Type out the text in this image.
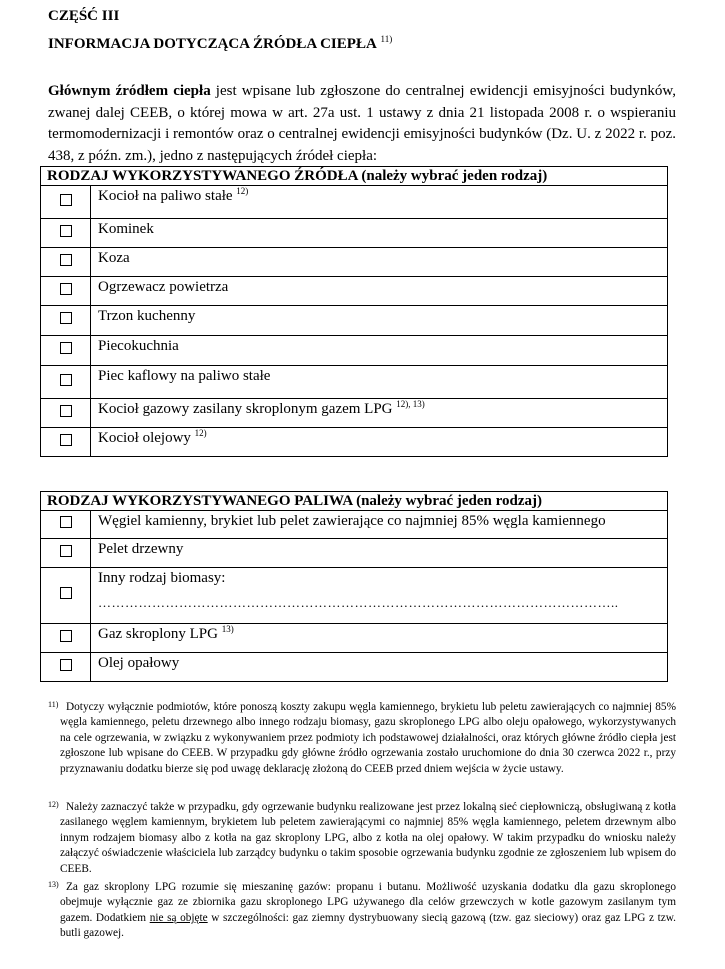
CZĘŚĆ III
INFORMACJA DOTYCZĄCA ŹRÓDŁA CIEPŁA $^{11)}$
Głównym źródłem ciepła jest wpisane lub zgłoszone do centralnej ewidencji emisyjności budynków, zwanej dalej CEEB, o której mowa w art. 27a ust. 1 ustawy z dnia 21 listopada 2008 r. o wspieraniu termomodernizacji i remontów oraz o centralnej ewidencji emisyjności budynków (Dz. U. z 2022 r. poz. 438, z późn. zm.), jedno z następujących źródeł ciepła:
RODZAJ WYKORZYSTYWANEGO ŹRÓDŁA (należy wybrać jeden rodzaj)	
	Kocioł na paliwo stałe $^{12)}$
	Kominek
	Koza
	Ogrzewacz powietrza
	Trzon kuchenny
	Piecokuchnia
	Piec kaflowy na paliwo stałe
	Kocioł gazowy zasilany skroplonym gazem LPG $^{12), 13)}$
	Kocioł olejowy $^{12)}$
RODZAJ WYKORZYSTYWANEGO PALIWA (należy wybrać jeden rodzaj)	
	Węgiel kamienny, brykiet lub pelet zawierające co najmniej 85% węgla kamiennego
	Pelet drzewny
	Inny rodzaj biomasy:
……………………………………………………………………………………………………..

	Gaz skroplony LPG $^{13)}$
	Olej opałowy
11) Dotyczy wyłącznie podmiotów, które ponoszą koszty zakupu węgla kamiennego, brykietu lub peletu zawierających co najmniej 85% węgla kamiennego, peletu drzewnego albo innego rodzaju biomasy, gazu skroplonego LPG albo oleju opałowego, wykorzystywanych na cele ogrzewania, w związku z wykonywaniem przez podmioty ich podstawowej działalności, oraz których główne źródło ciepła jest zgłoszone lub wpisane do CEEB. W przypadku gdy główne źródło ogrzewania zostało uruchomione do dnia 30 czerwca 2022 r., przy przyznawaniu dodatku bierze się pod uwagę deklarację złożoną do CEEB przed dniem wejścia w życie ustawy.
12) Należy zaznaczyć także w przypadku, gdy ogrzewanie budynku realizowane jest przez lokalną sieć ciepłowniczą, obsługiwaną z kotła zasilanego węglem kamiennym, brykietem lub peletem zawierającymi co najmniej 85% węgla kamiennego, peletem drzewnym albo innym rodzajem biomasy albo z kotła na gaz skroplony LPG, albo z kotła na olej opałowy. W takim przypadku do wniosku należy załączyć oświadczenie właściciela lub zarządcy budynku o takim sposobie ogrzewania budynku zgodnie ze zgłoszeniem lub wpisem do CEEB.
13) Za gaz skroplony LPG rozumie się mieszaninę gazów: propanu i butanu. Możliwość uzyskania dodatku dla gazu skroplonego obejmuje wyłącznie gaz ze zbiornika gazu skroplonego LPG używanego dla celów grzewczych w kotle gazowym zasilanym tym gazem. Dodatkiem nie są objęte w szczególności: gaz ziemny dystrybuowany siecią gazową (tzw. gaz sieciowy) oraz gaz LPG z tzw. butli gazowej.
